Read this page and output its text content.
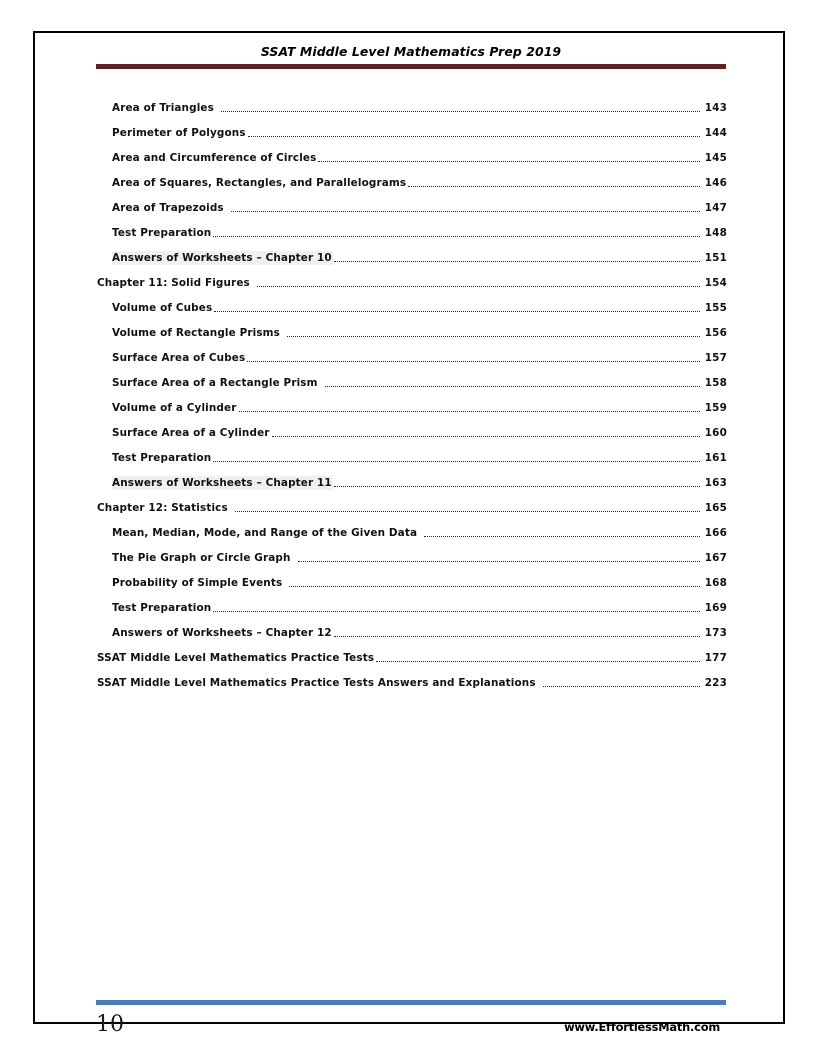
SSAT Middle Level Mathematics Prep 2019
Area of Triangles	143
Perimeter of Polygons	144
Area and Circumference of Circles	145
Area of Squares, Rectangles, and Parallelograms	146
Area of Trapezoids	147
Test Preparation	148
Answers of Worksheets – Chapter 10	151
Chapter 11: Solid Figures	154
Volume of Cubes	155
Volume of Rectangle Prisms	156
Surface Area of Cubes	157
Surface Area of a Rectangle Prism	158
Volume of a Cylinder	159
Surface Area of a Cylinder	160
Test Preparation	161
Answers of Worksheets – Chapter 11	163
Chapter 12: Statistics	165
Mean, Median, Mode, and Range of the Given Data	166
The Pie Graph or Circle Graph	167
Probability of Simple Events	168
Test Preparation	169
Answers of Worksheets – Chapter 12	173
SSAT Middle Level Mathematics Practice Tests	177
SSAT Middle Level Mathematics Practice Tests Answers and Explanations	223
10	www.EffortlessMath.com
